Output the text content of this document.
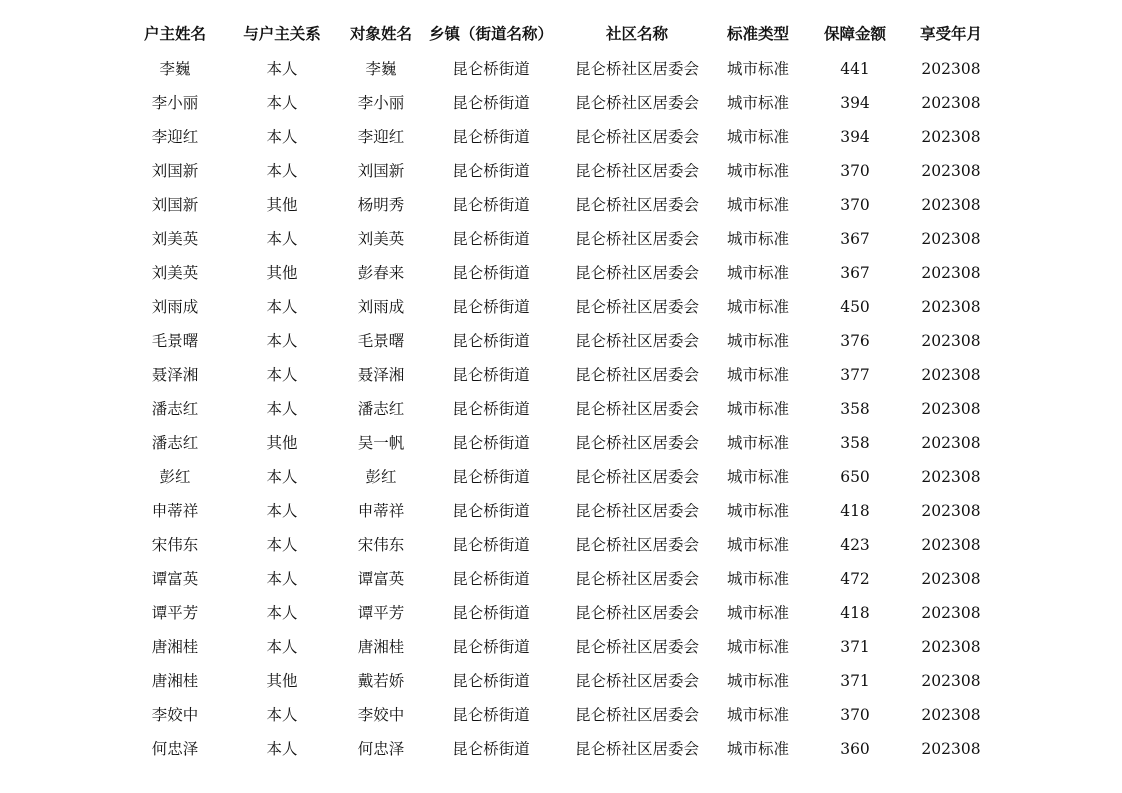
户主姓名	与户主关系	对象姓名	乡镇（街道名称）	社区名称	标准类型	保障金额	享受年月
李巍	本人	李巍	昆仑桥街道	昆仑桥社区居委会	城市标准	441	202308
李小丽	本人	李小丽	昆仑桥街道	昆仑桥社区居委会	城市标准	394	202308
李迎红	本人	李迎红	昆仑桥街道	昆仑桥社区居委会	城市标准	394	202308
刘国新	本人	刘国新	昆仑桥街道	昆仑桥社区居委会	城市标准	370	202308
刘国新	其他	杨明秀	昆仑桥街道	昆仑桥社区居委会	城市标准	370	202308
刘美英	本人	刘美英	昆仑桥街道	昆仑桥社区居委会	城市标准	367	202308
刘美英	其他	彭春来	昆仑桥街道	昆仑桥社区居委会	城市标准	367	202308
刘雨成	本人	刘雨成	昆仑桥街道	昆仑桥社区居委会	城市标准	450	202308
毛景曙	本人	毛景曙	昆仑桥街道	昆仑桥社区居委会	城市标准	376	202308
聂泽湘	本人	聂泽湘	昆仑桥街道	昆仑桥社区居委会	城市标准	377	202308
潘志红	本人	潘志红	昆仑桥街道	昆仑桥社区居委会	城市标准	358	202308
潘志红	其他	吴一帆	昆仑桥街道	昆仑桥社区居委会	城市标准	358	202308
彭红	本人	彭红	昆仑桥街道	昆仑桥社区居委会	城市标准	650	202308
申蒂祥	本人	申蒂祥	昆仑桥街道	昆仑桥社区居委会	城市标准	418	202308
宋伟东	本人	宋伟东	昆仑桥街道	昆仑桥社区居委会	城市标准	423	202308
谭富英	本人	谭富英	昆仑桥街道	昆仑桥社区居委会	城市标准	472	202308
谭平芳	本人	谭平芳	昆仑桥街道	昆仑桥社区居委会	城市标准	418	202308
唐湘桂	本人	唐湘桂	昆仑桥街道	昆仑桥社区居委会	城市标准	371	202308
唐湘桂	其他	戴若娇	昆仑桥街道	昆仑桥社区居委会	城市标准	371	202308
李姣中	本人	李姣中	昆仑桥街道	昆仑桥社区居委会	城市标准	370	202308
何忠泽	本人	何忠泽	昆仑桥街道	昆仑桥社区居委会	城市标准	360	202308
